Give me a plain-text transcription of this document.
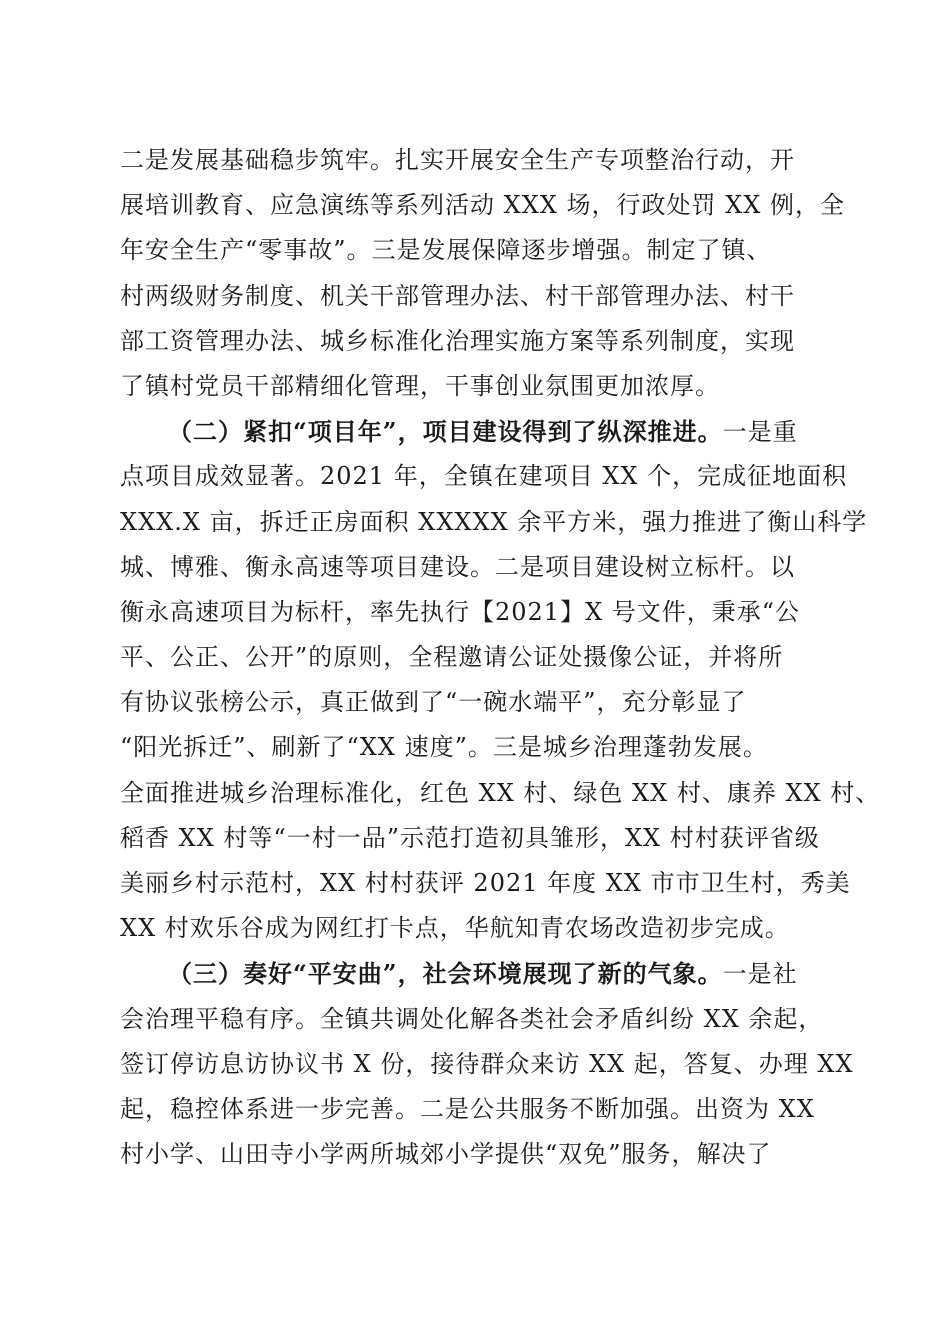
二是发展基础稳步筑牢。扎实开展安全生产专项整治行动，开
展培训教育、应急演练等系列活动 XXX 场，行政处罚 XX 例，全
年安全生产“零事故”。三是发展保障逐步增强。制定了镇、
村两级财务制度、机关干部管理办法、村干部管理办法、村干
部工资管理办法、城乡标准化治理实施方案等系列制度，实现
了镇村党员干部精细化管理，干事创业氛围更加浓厚。
（二）紧扣“项目年”，项目建设得到了纵深推进。一是重
点项目成效显著。2021 年，全镇在建项目 XX 个，完成征地面积
XXX.X 亩，拆迁正房面积 XXXXX 余平方米，强力推进了衡山科学
城、博雅、衡永高速等项目建设。二是项目建设树立标杆。以
衡永高速项目为标杆，率先执行【2021】X 号文件，秉承“公
平、公正、公开”的原则，全程邀请公证处摄像公证，并将所
有协议张榜公示，真正做到了“一碗水端平”，充分彰显了
“阳光拆迁”、刷新了“XX 速度”。三是城乡治理蓬勃发展。
全面推进城乡治理标准化，红色 XX 村、绿色 XX 村、康养 XX 村、
稻香 XX 村等“一村一品”示范打造初具雏形，XX 村村获评省级
美丽乡村示范村，XX 村村获评 2021 年度 XX 市市卫生村，秀美
XX 村欢乐谷成为网红打卡点，华航知青农场改造初步完成。
（三）奏好“平安曲”，社会环境展现了新的气象。一是社
会治理平稳有序。全镇共调处化解各类社会矛盾纠纷 XX 余起，
签订停访息访协议书 X 份，接待群众来访 XX 起，答复、办理 XX
起，稳控体系进一步完善。二是公共服务不断加强。出资为 XX
村小学、山田寺小学两所城郊小学提供“双免”服务，解决了
